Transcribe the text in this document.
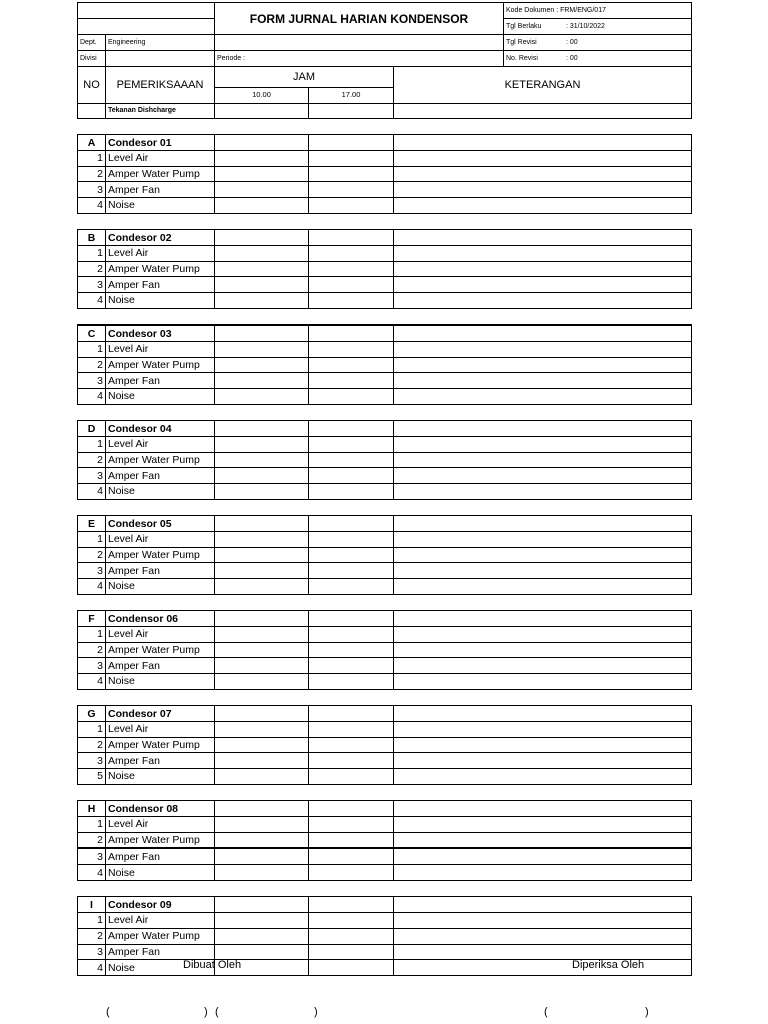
		FORM JURNAL HARIAN KONDENSOR			Kode Dokumen : FRM/ENG/017

					Tgl Berlaku : 31/10/2022

Dept.	Engineering				Tgl Revisi : 00

Divisi		Periode :			No. Revisi : 00

NO	PEMERIKSAAAN	JAM		KETERANGAN	
		10.00	17.00		
	Tekanan Dishcharge				
A	Condesor 01			
1	Level Air			
2	Amper Water Pump			
3	Amper Fan			
4	Noise			
B	Condesor 02			
1	Level Air			
2	Amper Water Pump			
3	Amper Fan			
4	Noise			
C	Condesor 03			
1	Level Air			
2	Amper Water Pump			
3	Amper Fan			
4	Noise			
D	Condesor 04			
1	Level Air			
2	Amper Water Pump			
3	Amper Fan			
4	Noise			
E	Condesor 05			
1	Level Air			
2	Amper Water Pump			
3	Amper Fan			
4	Noise			
F	Condensor 06			
1	Level Air			
2	Amper Water Pump			
3	Amper Fan			
4	Noise			
G	Condesor 07			
1	Level Air			
2	Amper Water Pump			
3	Amper Fan			
5	Noise			
H	Condensor 08			
1	Level Air			
2	Amper Water Pump			
3	Amper Fan			
4	Noise			
I	Condesor 09			
1	Level Air			
2	Amper Water Pump			
3	Amper Fan			
4	Noise				Dibuat Oleh	Diperiksa Oleh
(	) (	)	(	)
